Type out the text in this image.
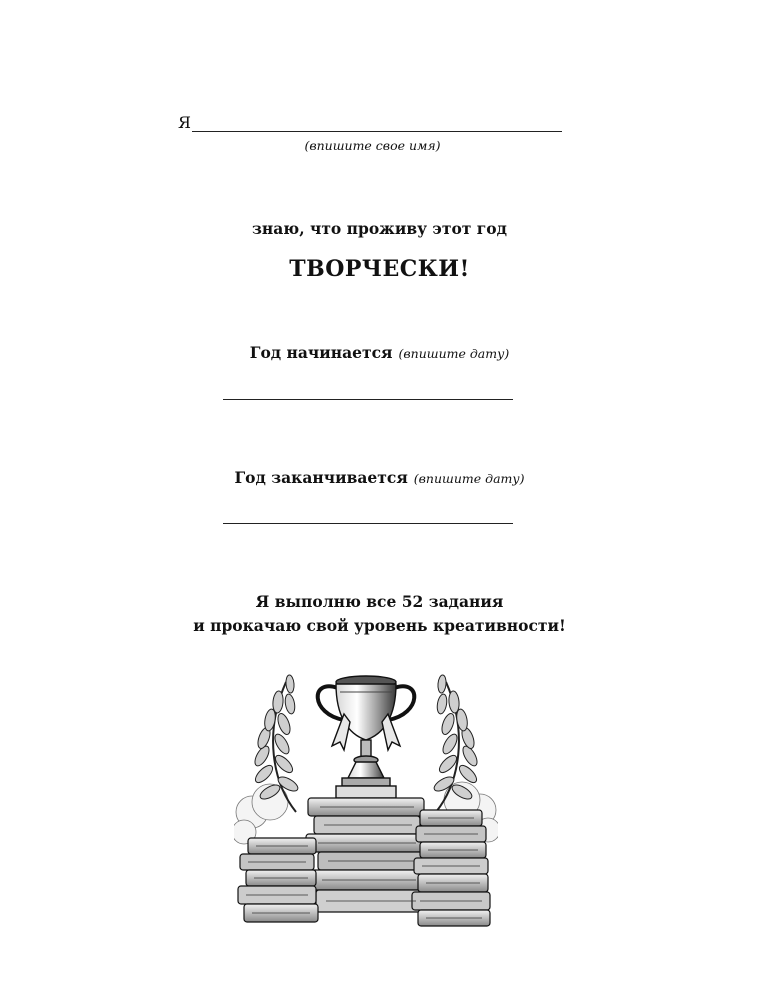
Я
(впишите свое имя)
знаю, что проживу этот год
ТВОРЧЕСКИ!
Год начинается (впишите дату)
Год заканчивается (впишите дату)
Я выполню все 52 задания
и прокачаю свой уровень креативности!
